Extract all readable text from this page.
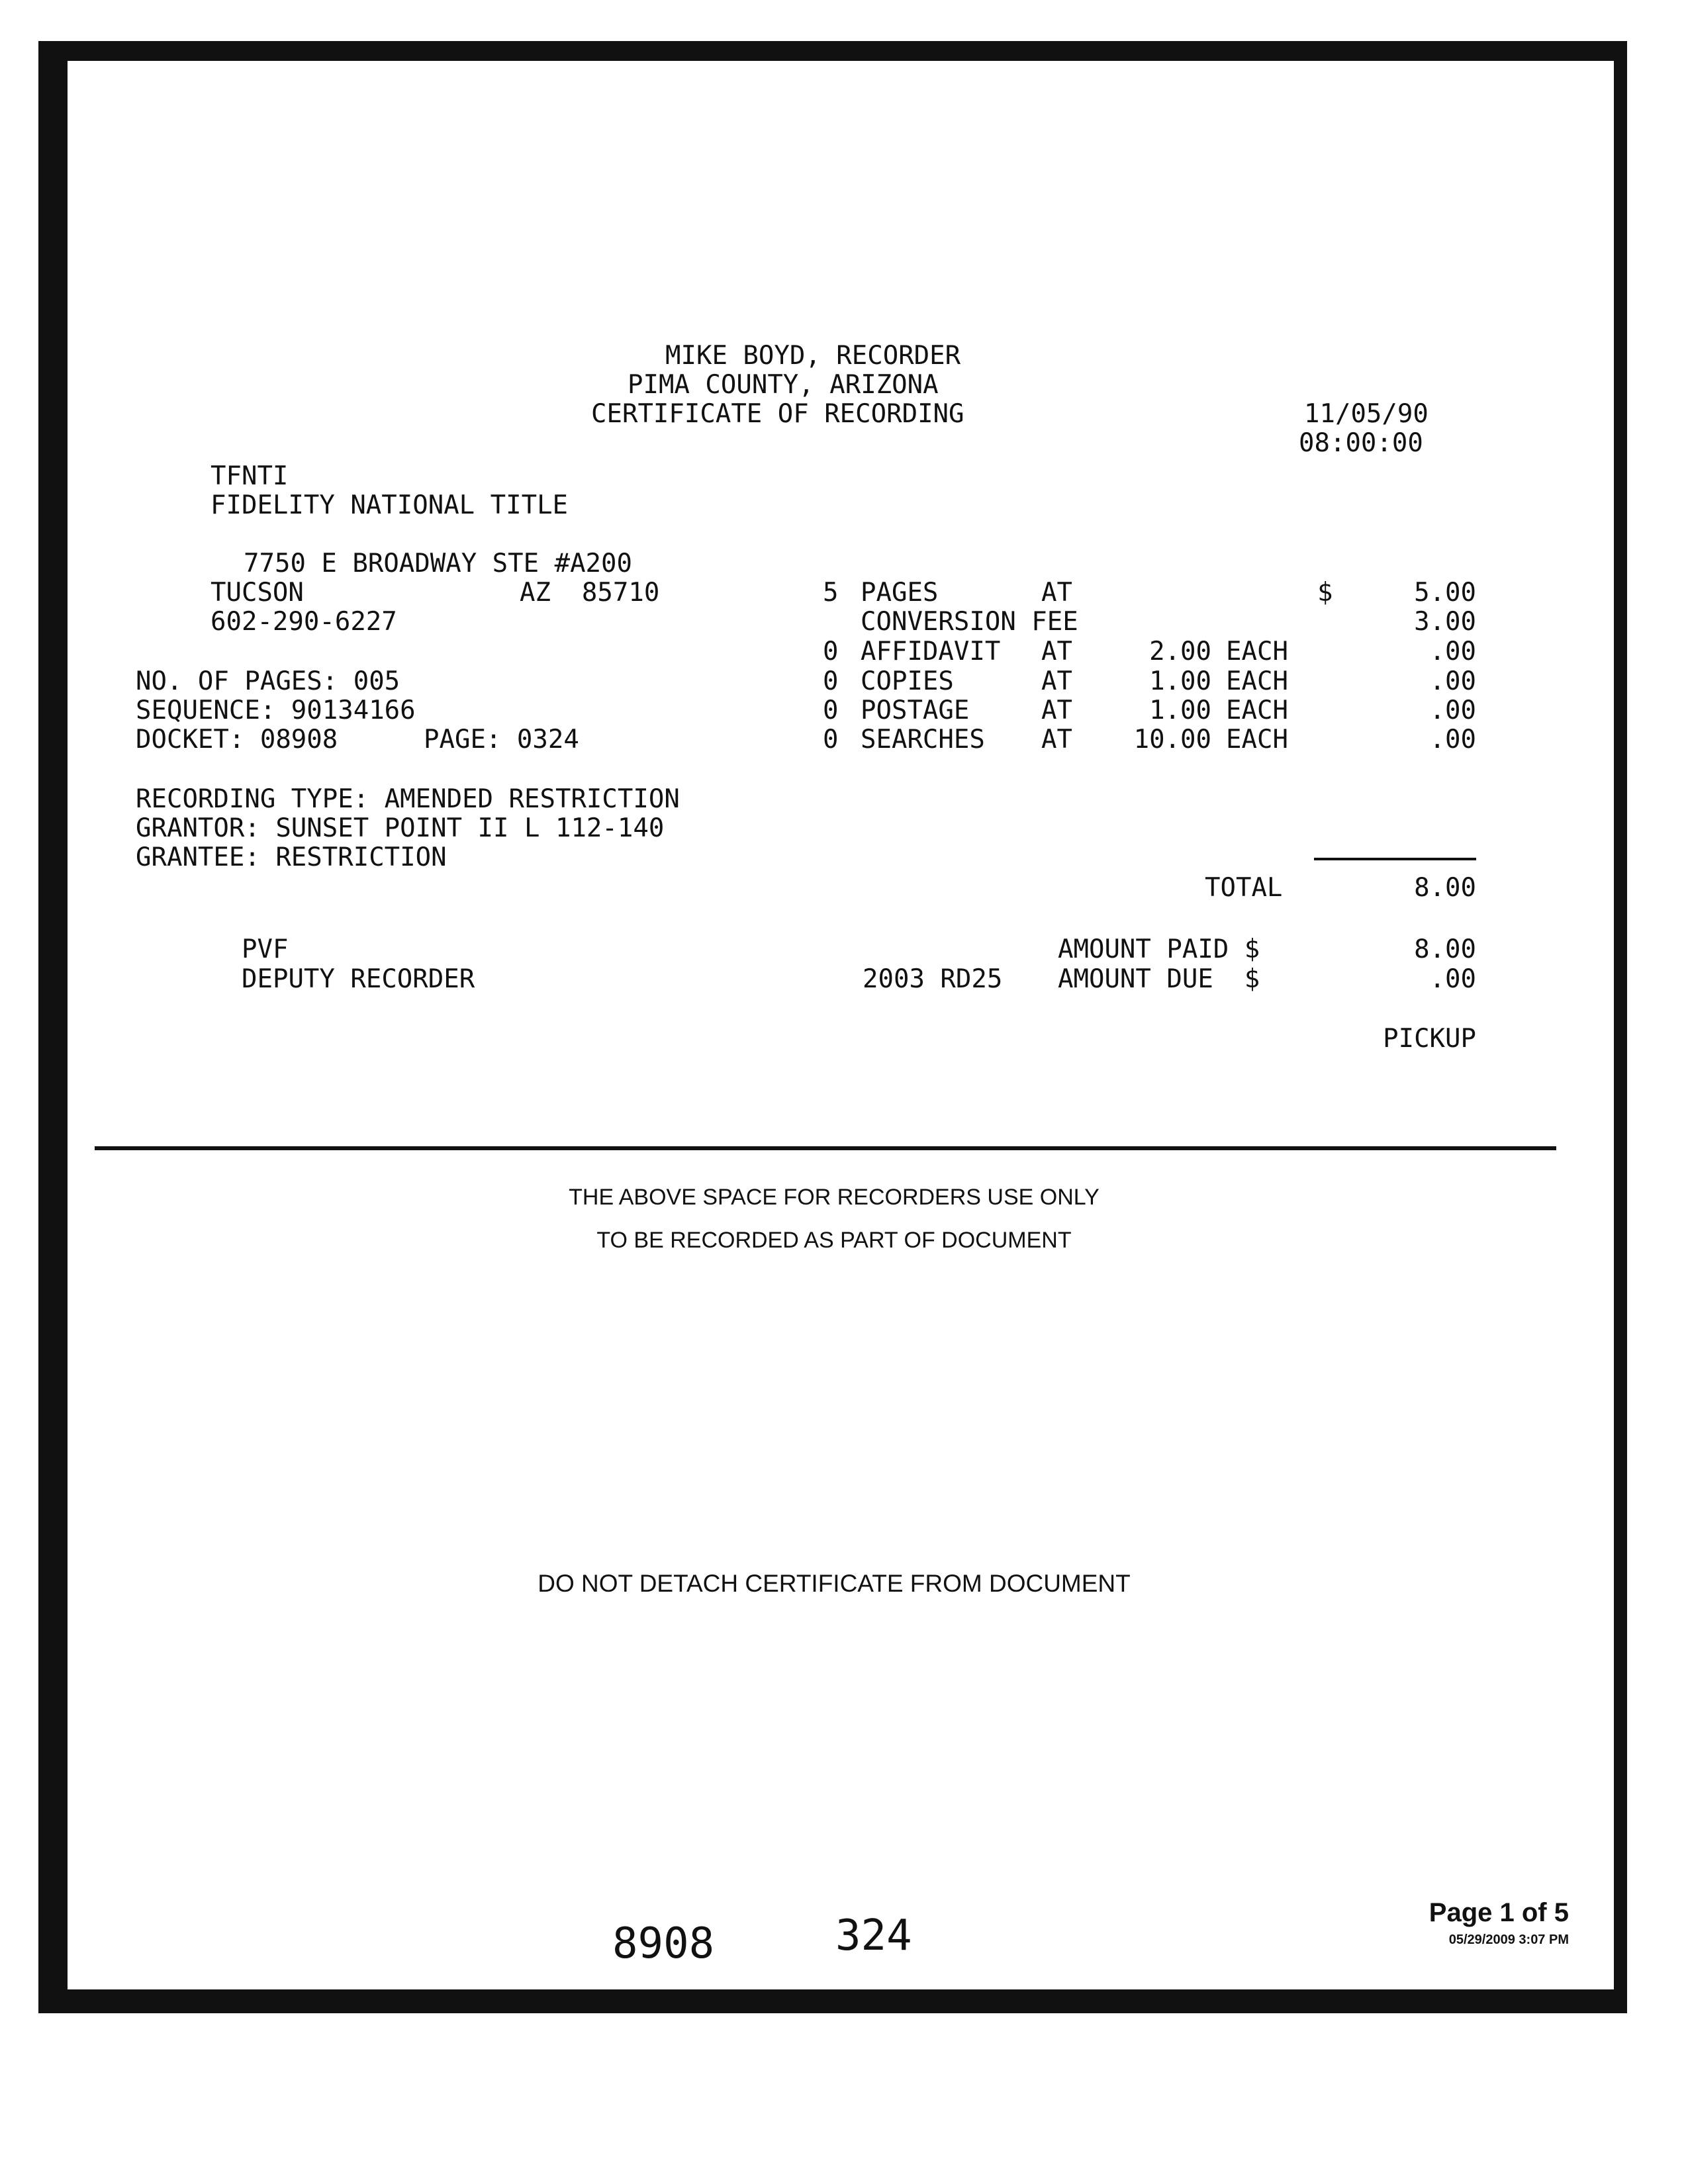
MIKE BOYD, RECORDER
PIMA COUNTY, ARIZONA
CERTIFICATE OF RECORDING	11/05/90
08:00:00
TFNTI
FIDELITY NATIONAL TITLE
7750 E BROADWAY STE #A200
TUCSON	AZ  85710
602-290-6227
NO. OF PAGES: 005
SEQUENCE: 90134166
DOCKET: 08908	PAGE: 0324
RECORDING TYPE: AMENDED RESTRICTION
GRANTOR: SUNSET POINT II L 112-140
GRANTEE: RESTRICTION
5 PAGES	AT	$	5.00
CONVERSION FEE	3.00
0 AFFIDAVIT AT	2.00 EACH	.00
0 COPIES	AT	1.00 EACH	.00
0 POSTAGE	AT	1.00 EACH	.00
0 SEARCHES AT	10.00 EACH	.00
TOTAL	8.00
PVF
DEPUTY RECORDER
AMOUNT PAID $	8.00
2003 RD25 AMOUNT DUE  $	.00
PICKUP
THE ABOVE SPACE FOR RECORDERS USE ONLY
TO BE RECORDED AS PART OF DOCUMENT
DO NOT DETACH CERTIFICATE FROM DOCUMENT
8908	324	Page 1 of 5
05/29/2009 3:07 PM
